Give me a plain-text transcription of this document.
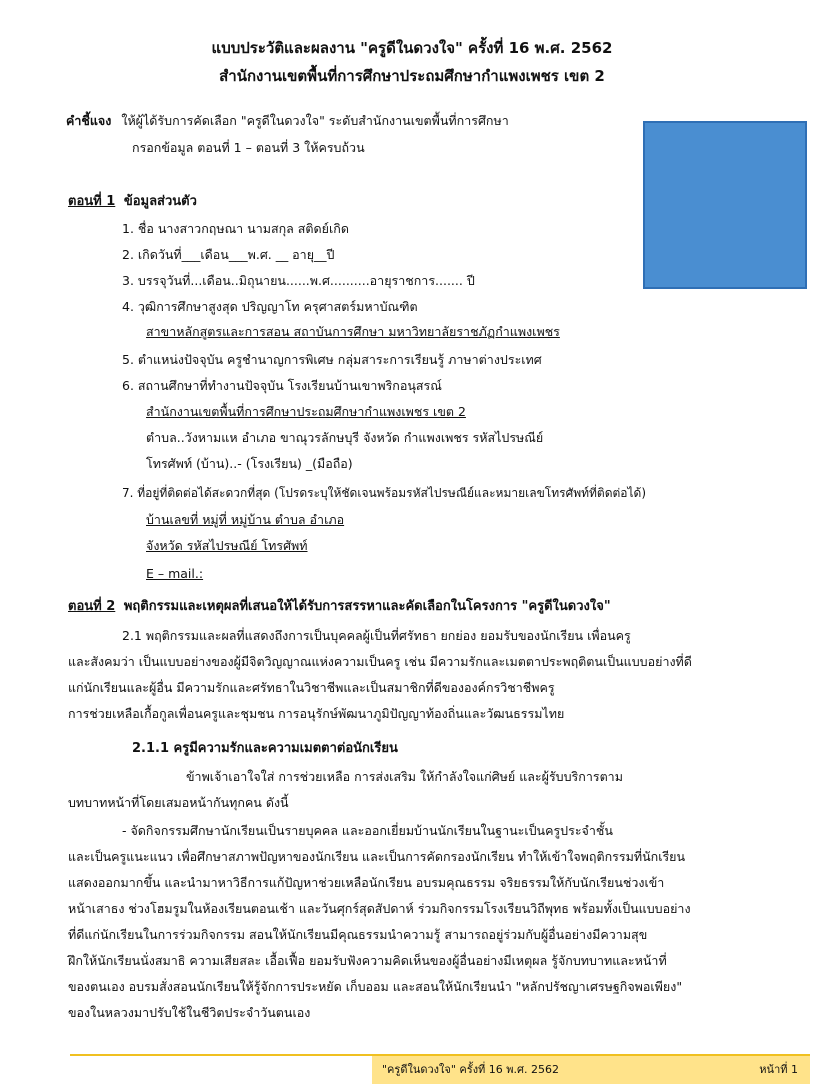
แบบประวัติและผลงาน "ครูดีในดวงใจ" ครั้งที่ 16 พ.ศ. 2562
สำนักงานเขตพื้นที่การศึกษาประถมศึกษากำแพงเพชร เขต 2
คำชี้แจง ให้ผู้ได้รับการคัดเลือก "ครูดีในดวงใจ" ระดับสำนักงานเขตพื้นที่การศึกษา
กรอกข้อมูล ตอนที่ 1 – ตอนที่ 3 ให้ครบถ้วน
ตอนที่ 1 ข้อมูลส่วนตัว
1. ชื่อ นางสาวกฤษณา นามสกุล สติดย์เกิด
2. เกิดวันที่___เดือน___พ.ศ. __ อายุ__ปี
3. บรรจุวันที่...เดือน..มิถุนายน......พ.ศ..........อายุราชการ....... ปี
4. วุฒิการศึกษาสูงสุด ปริญญาโท ครุศาสตร์มหาบัณฑิต
สาขาหลักสูตรและการสอน สถาบันการศึกษา มหาวิทยาลัยราชภัฏกำแพงเพชร
5. ตำแหน่งปัจจุบัน ครูชำนาญการพิเศษ กลุ่มสาระการเรียนรู้ ภาษาต่างประเทศ
6. สถานศึกษาที่ทำงานปัจจุบัน โรงเรียนบ้านเขาพริกอนุสรณ์
สำนักงานเขตพื้นที่การศึกษาประถมศึกษากำแพงเพชร เขต 2
ตำบล..วังหามแห อำเภอ ขาณุวรลักษบุรี จังหวัด กำแพงเพชร รหัสไปรษณีย์
โทรศัพท์ (บ้าน)..- (โรงเรียน) _(มือถือ)
7. ที่อยู่ที่ติดต่อได้สะดวกที่สุด (โปรดระบุให้ชัดเจนพร้อมรหัสไปรษณีย์และหมายเลขโทรศัพท์ที่ติดต่อได้)
บ้านเลขที่ หมู่ที่ หมู่บ้าน ตำบล อำเภอ
จังหวัด รหัสไปรษณีย์ โทรศัพท์
E – mail.:
ตอนที่ 2 พฤติกรรมและเหตุผลที่เสนอให้ได้รับการสรรหาและคัดเลือกในโครงการ "ครูดีในดวงใจ"
2.1 พฤติกรรมและผลที่แสดงถึงการเป็นบุคคลผู้เป็นที่ศรัทธา ยกย่อง ยอมรับของนักเรียน เพื่อนครู
และสังคมว่า เป็นแบบอย่างของผู้มีจิตวิญญาณแห่งความเป็นครู เช่น มีความรักและเมตตาประพฤติตนเป็นแบบอย่างที่ดี
แก่นักเรียนและผู้อื่น มีความรักและศรัทธาในวิชาชีพและเป็นสมาชิกที่ดีขององค์กรวิชาชีพครู
การช่วยเหลือเกื้อกูลเพื่อนครูและชุมชน การอนุรักษ์พัฒนาภูมิปัญญาท้องถิ่นและวัฒนธรรมไทย
2.1.1 ครูมีความรักและความเมตตาต่อนักเรียน
ข้าพเจ้าเอาใจใส่ การช่วยเหลือ การส่งเสริม ให้กำลังใจแก่ศิษย์ และผู้รับบริการตาม
บทบาทหน้าที่โดยเสมอหน้ากันทุกคน ดังนี้
- จัดกิจกรรมศึกษานักเรียนเป็นรายบุคคล และออกเยี่ยมบ้านนักเรียนในฐานะเป็นครูประจำชั้น
และเป็นครูแนะแนว เพื่อศึกษาสภาพปัญหาของนักเรียน และเป็นการคัดกรองนักเรียน ทำให้เข้าใจพฤติกรรมที่นักเรียน
แสดงออกมากขึ้น และนำมาหาวิธีการแก้ปัญหาช่วยเหลือนักเรียน อบรมคุณธรรม จริยธรรมให้กับนักเรียนช่วงเข้า
หน้าเสาธง ช่วงโฮมรูมในห้องเรียนตอนเช้า และวันศุกร์สุดสัปดาห์ ร่วมกิจกรรมโรงเรียนวิถีพุทธ พร้อมทั้งเป็นแบบอย่าง
ที่ดีแก่นักเรียนในการร่วมกิจกรรม สอนให้นักเรียนมีคุณธรรมนำความรู้ สามารถอยู่ร่วมกับผู้อื่นอย่างมีความสุข
ฝึกให้นักเรียนนั่งสมาธิ ความเสียสละ เอื้อเฟื้อ ยอมรับฟังความคิดเห็นของผู้อื่นอย่างมีเหตุผล รู้จักบทบาทและหน้าที่
ของตนเอง อบรมสั่งสอนนักเรียนให้รู้จักการประหยัด เก็บออม และสอนให้นักเรียนนำ "หลักปรัชญาเศรษฐกิจพอเพียง"
ของในหลวงมาปรับใช้ในชีวิตประจำวันตนเอง
"ครูดีในดวงใจ" ครั้งที่ 16 พ.ศ. 2562	หน้าที่ 1
